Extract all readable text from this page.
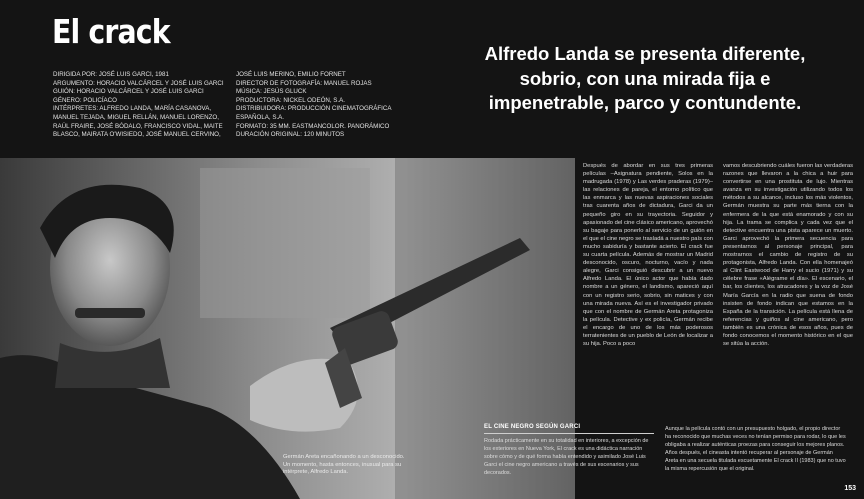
El crack
DIRIGIDA POR: JOSÉ LUIS GARCI, 1981
ARGUMENTO: HORACIO VALCÁRCEL Y JOSÉ LUIS GARCI
GUIÓN: HORACIO VALCÁRCEL Y JOSÉ LUIS GARCI
GÉNERO: POLICÍACO
INTÉRPRETES: ALFREDO LANDA, MARÍA CASANOVA,
MANUEL TEJADA, MIGUEL RELLÁN, MANUEL LORENZO,
RAÚL FRAIRE, JOSÉ BÓDALO, FRANCISCO VIDAL, MAITE
BLASCO, MAIRATA O'WISIEDO, JOSÉ MANUEL CERVINO,
JOSÉ LUIS MERINO, EMILIO FORNET
DIRECTOR DE FOTOGRAFÍA: MANUEL ROJAS
MÚSICA: JESÚS GLUCK
PRODUCTORA: NICKEL ODEÓN, S.A.
DISTRIBUIDORA: PRODUCCIÓN CINEMATOGRÁFICA
ESPAÑOLA, S.A.
FORMATO: 35 MM. EASTMANCOLOR. PANORÁMICO
DURACIÓN ORIGINAL: 120 MINUTOS

Alfredo Landa se presenta diferente, sobrio, con una mirada fija e impenetrable, parco y contundente.

Después de abordar en sus tres primeras películas –Asignatura pendiente, Solos en la madrugada (1978) y Las verdes praderas (1979)– las relaciones de pareja, el entorno político que las enmarca y las nuevas aspiraciones sociales tras cuarenta años de dictadura, Garci da un pequeño giro en su trayectoria. Seguidor y apasionado del cine clásico americano, aprovechó su bagaje para ponerlo al servicio de un guión en el que el cine negro se trasladá a nuestro país con mucho sabiduría y bastante acierto. El crack fue su cuarta película. Además de mostrar un Madrid desconocido, oscuro, nocturno, vacío y nada alegre, Garci consiguió descubrir a un nuevo Alfredo Landa. El único actor que había dado nombre a un género, el landismo, apareció aquí con un registro serio, sobrio, sin matices y con una mirada nueva. Así es el investigador privado que con el nombre de Germán Areta protagoniza la película. Detective y ex policía, Germán recibe el encargo de uno de los más poderosos terratenientes de un pueblo de León de localizar a su hija. Poco a poco

vamos descubriendo cuáles fueron las verdaderas razones que llevaron a la chica a huir para convertirse en una prostituta de lujo. Mientras avanza en su investigación utilizando todos los métodos a su alcance, incluso los más violentos, Germán muestra su parte más tierna con la enfermera de la que está enamorado y con su hija. La trama se complica y cada vez que el detective encuentra una pista aparece un muerto. Garci aprovechó la primera secuencia para presentarnos al personaje principal, para mostrarnos el cambio de registro de su protagonista, Alfredo Landa. Con ella homenajeó al Clint Eastwood de Harry el sucio (1971) y su célebre frase «Alégrame el día». El escenario, el bar, los clientes, los atracadores y la voz de José María García en la radio que suena de fondo insisten de fondo indican que estamos en la España de la transición. La película está llena de referencias y guiños al cine americano, pero también es una crónica de esos años, pues de fondo conocemos el momento histórico en el que se sitúa la acción.

Germán Areta encañonando a un desconocido. Un momento, hasta entonces, inusual para su intérprete, Alfredo Landa.

EL CINE NEGRO SEGÚN GARCI

Rodada prácticamente en su totalidad en interiores, a excepción de los exteriores en Nueva York, El crack es una didáctica narración sobre cómo y de qué forma había entendido y asimilado José Luis Garci el cine negro americano a través de sus escenarios y sus decorados.

Aunque la película contó con un presupuesto holgado, el propio director ha reconocido que muchas veces no tenían permiso para rodar, lo que les obligaba a realizar auténticas proezas para conseguir los mejores planos. Años después, el cineasta intentó recuperar al personaje de Germán Areta en una secuela titulada escuetamente El crack II (1983) que no tuvo la misma repercusión que el original.

153
